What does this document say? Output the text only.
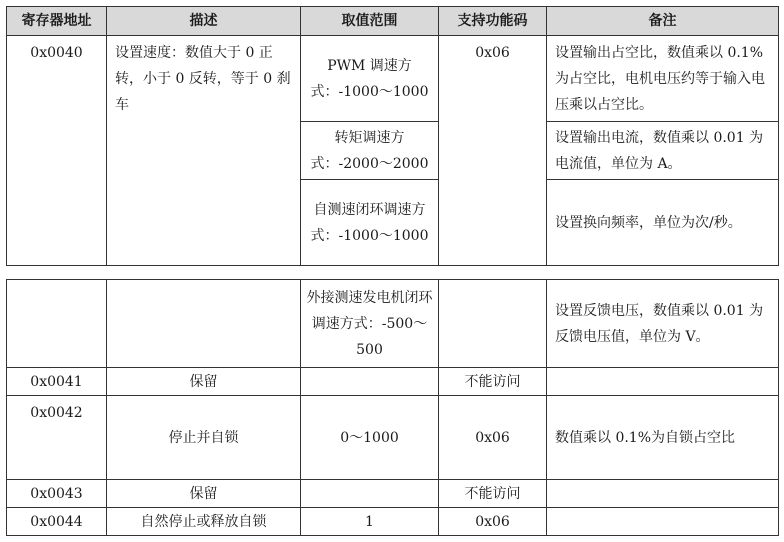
寄存器地址	描述	取值范围	支持功能码	备注
0x0040	设置速度：数值大于 0 正转，小于 0 反转，等于 0 刹车	PWM 调速方式：-1000～1000	0x06	设置输出占空比，数值乘以 0.1%为占空比，电机电压约等于输入电压乘以占空比。
		转矩调速方式：-2000～2000		设置输出电流，数值乘以 0.01 为电流值，单位为 A。
		自测速闭环调速方式：-1000～1000		设置换向频率，单位为次/秒。
		外接测速发电机闭环调速方式：-500～500		设置反馈电压，数值乘以 0.01 为反馈电压值，单位为 V。
0x0041	保留		不能访问	
0x0042	停止并自锁	0～1000	0x06	数值乘以 0.1%为自锁占空比
0x0043	保留		不能访问	
0x0044	自然停止或释放自锁	1	0x06	
